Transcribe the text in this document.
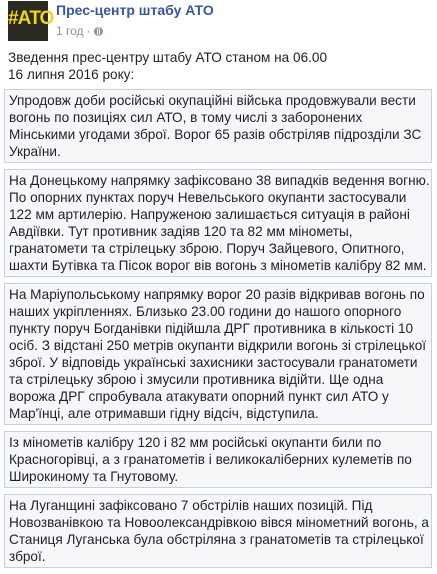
#АТО Прес-центр штабу АТО
1 год ·

Зведення прес-центру штабу АТО станом на 06.00
16 липня 2016 року:

Упродовж доби російські окупаційні війська продовжували вести вогонь по позиціях сил АТО, в тому числі з заборонених Мінськими угодами зброї. Ворог 65 разів обстріляв підрозділи ЗС України.

На Донецькому напрямку зафіксовано 38 випадків ведення вогню. По опорних пунктах поруч Невельського окупанти застосували 122 мм артилерію. Напруженою залишається ситуація в районі Авдіївки. Тут противник задіяв 120 та 82 мм мінометы, гранатомети та стрілецьку зброю. Поруч Зайцевого, Опитного, шахти Бутівка та Пісок ворог вів вогонь з мінометів калібру 82 мм.

На Маріупольському напрямку ворог 20 разів відкривав вогонь по наших укріпленнях. Близько 23.00 години до нашого опорного пункту поруч Богданівки підійшла ДРГ противника в кількості 10 осіб. З відстані 250 метрів окупанти відкрили вогонь зі стрілецької зброї. У відповідь українські захисники застосували гранатомети та стрілецьку зброю і змусили противника відійти. Ще одна ворожа ДРГ спробувала атакувати опорний пункт сил АТО у Мар'їнці, але отримавши гідну відсіч, відступила.

Із мінометів калібру 120 і 82 мм російські окупанти били по Красногорівці, а з гранатометів і великокаліберних кулеметів по Широкиному та Гнутовому.

На Луганщині зафіксовано 7 обстрілів наших позицій. Під Новозванівкою та Новоолександрівкою вівся мінометний вогонь, а Станиця Луганська була обстріляна з гранатометів та стрілецької зброї.
